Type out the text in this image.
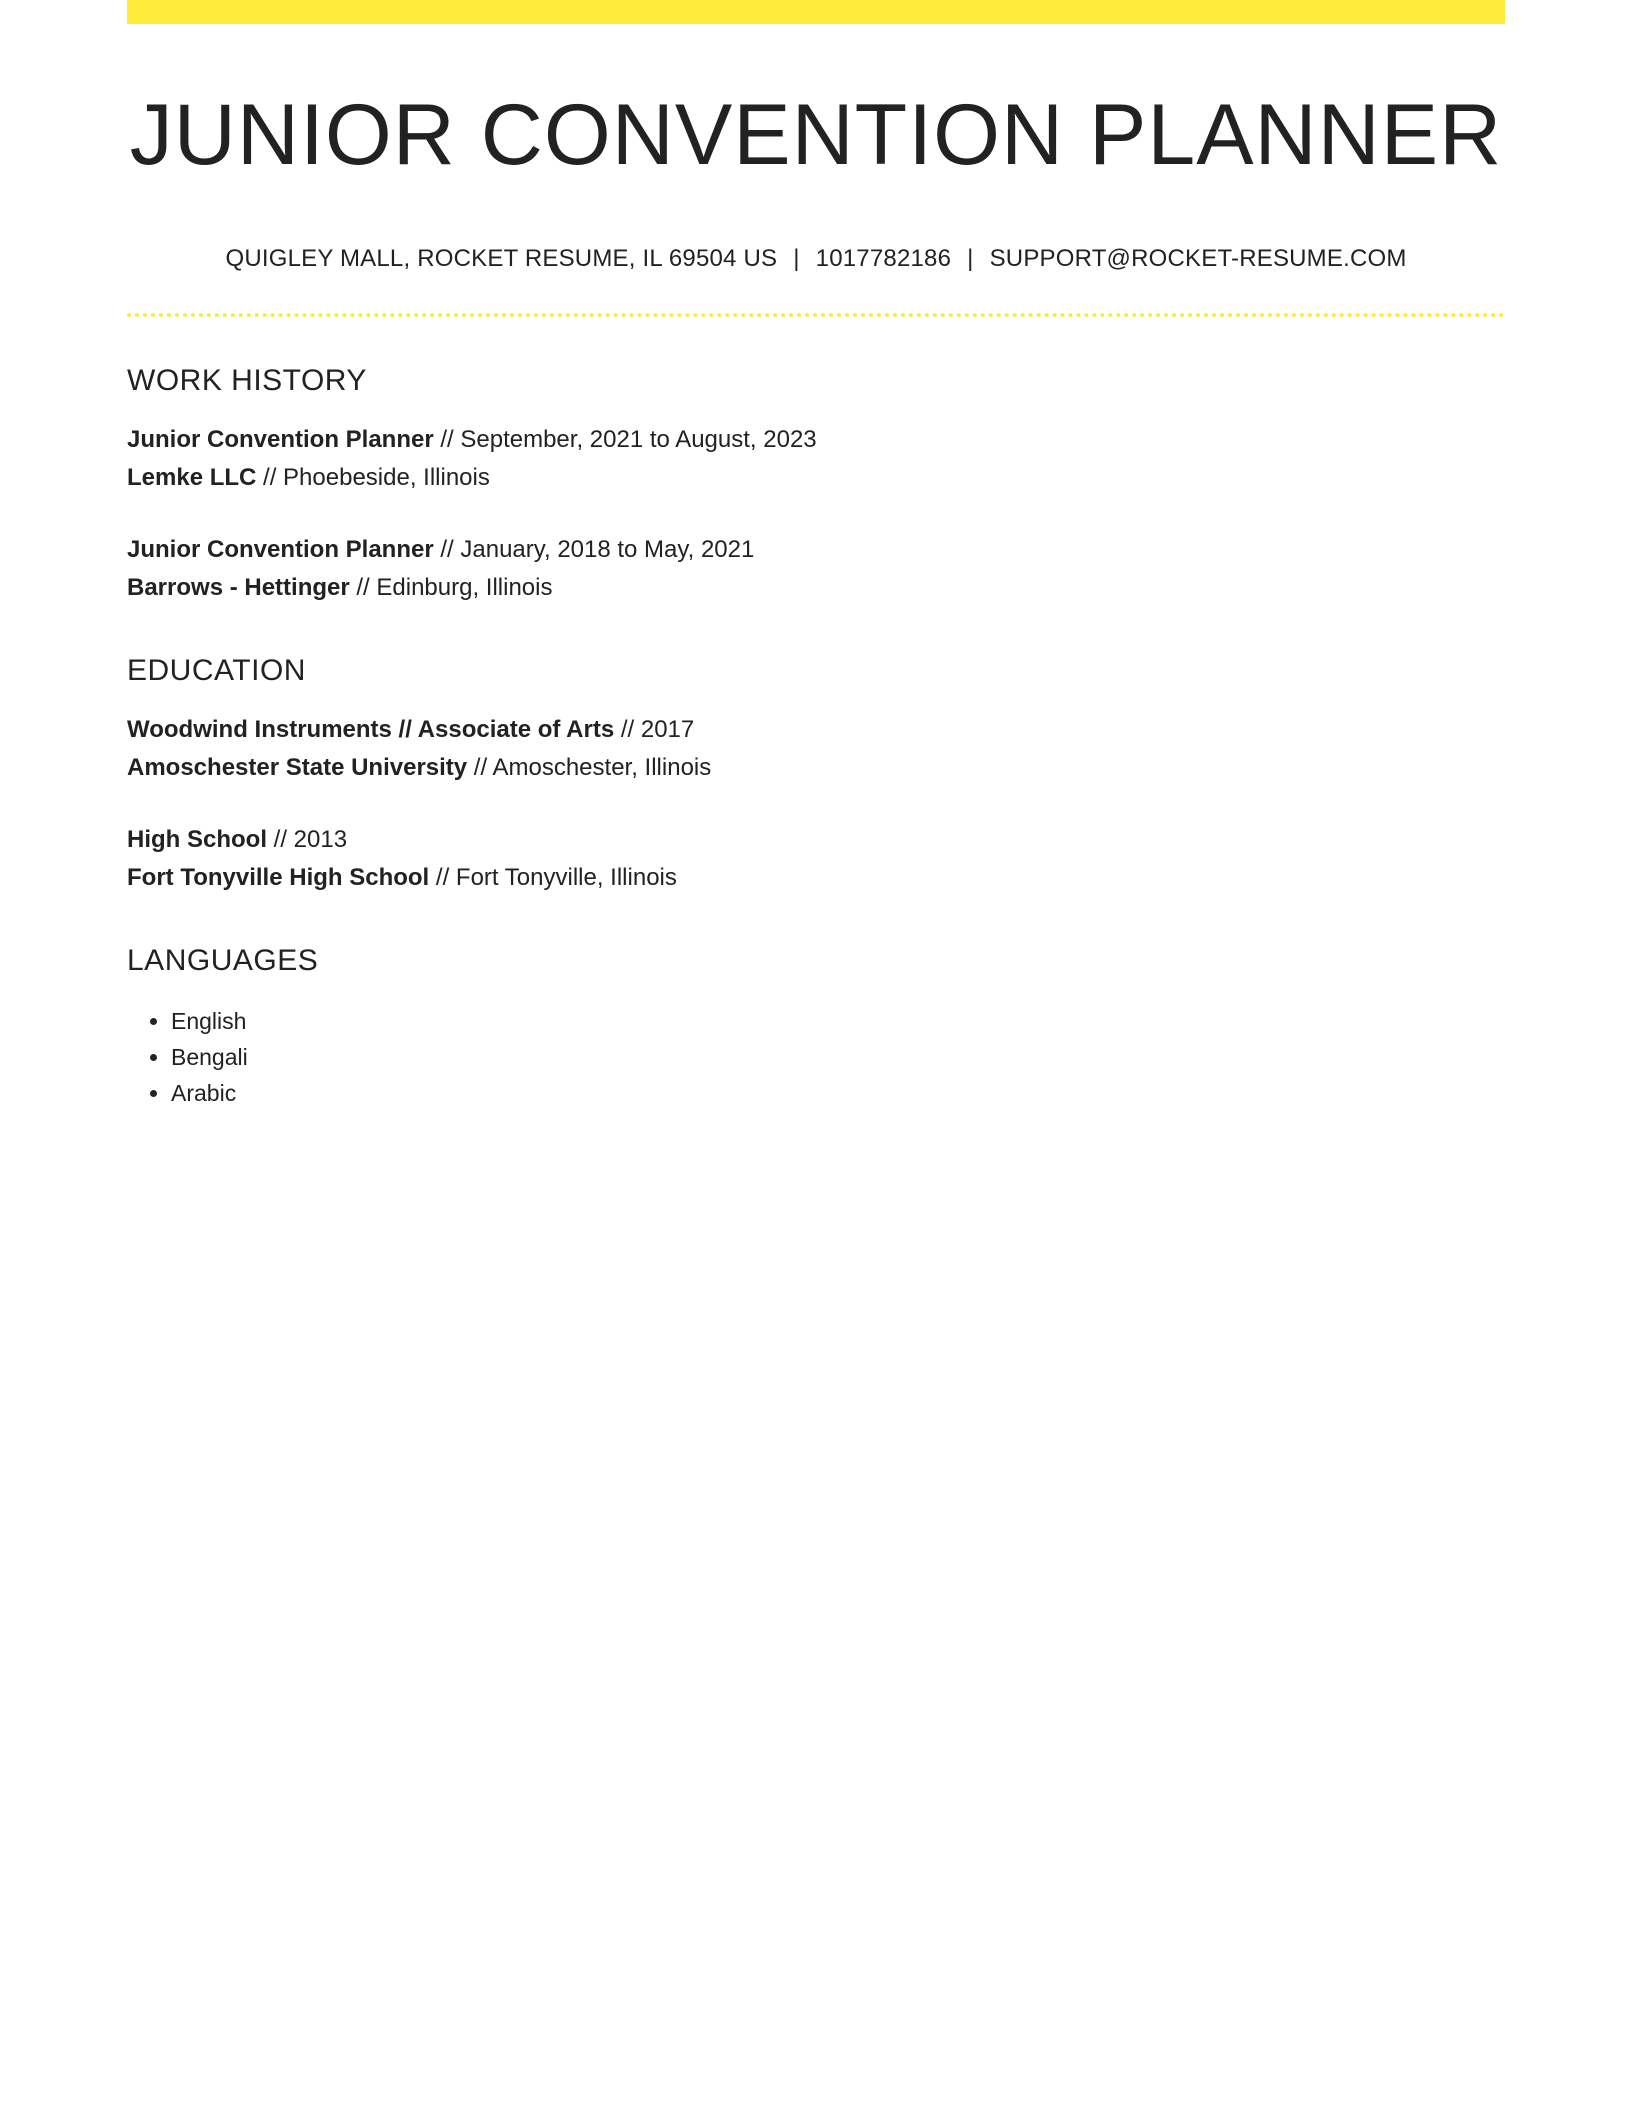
JUNIOR CONVENTION PLANNER
QUIGLEY MALL, ROCKET RESUME, IL 69504 US | 1017782186 | SUPPORT@ROCKET-RESUME.COM
WORK HISTORY
Junior Convention Planner // September, 2021 to August, 2023
Lemke LLC // Phoebeside, Illinois
Junior Convention Planner // January, 2018 to May, 2021
Barrows - Hettinger // Edinburg, Illinois
EDUCATION
Woodwind Instruments // Associate of Arts // 2017
Amoschester State University // Amoschester, Illinois
High School // 2013
Fort Tonyville High School // Fort Tonyville, Illinois
LANGUAGES
• English
• Bengali
• Arabic
